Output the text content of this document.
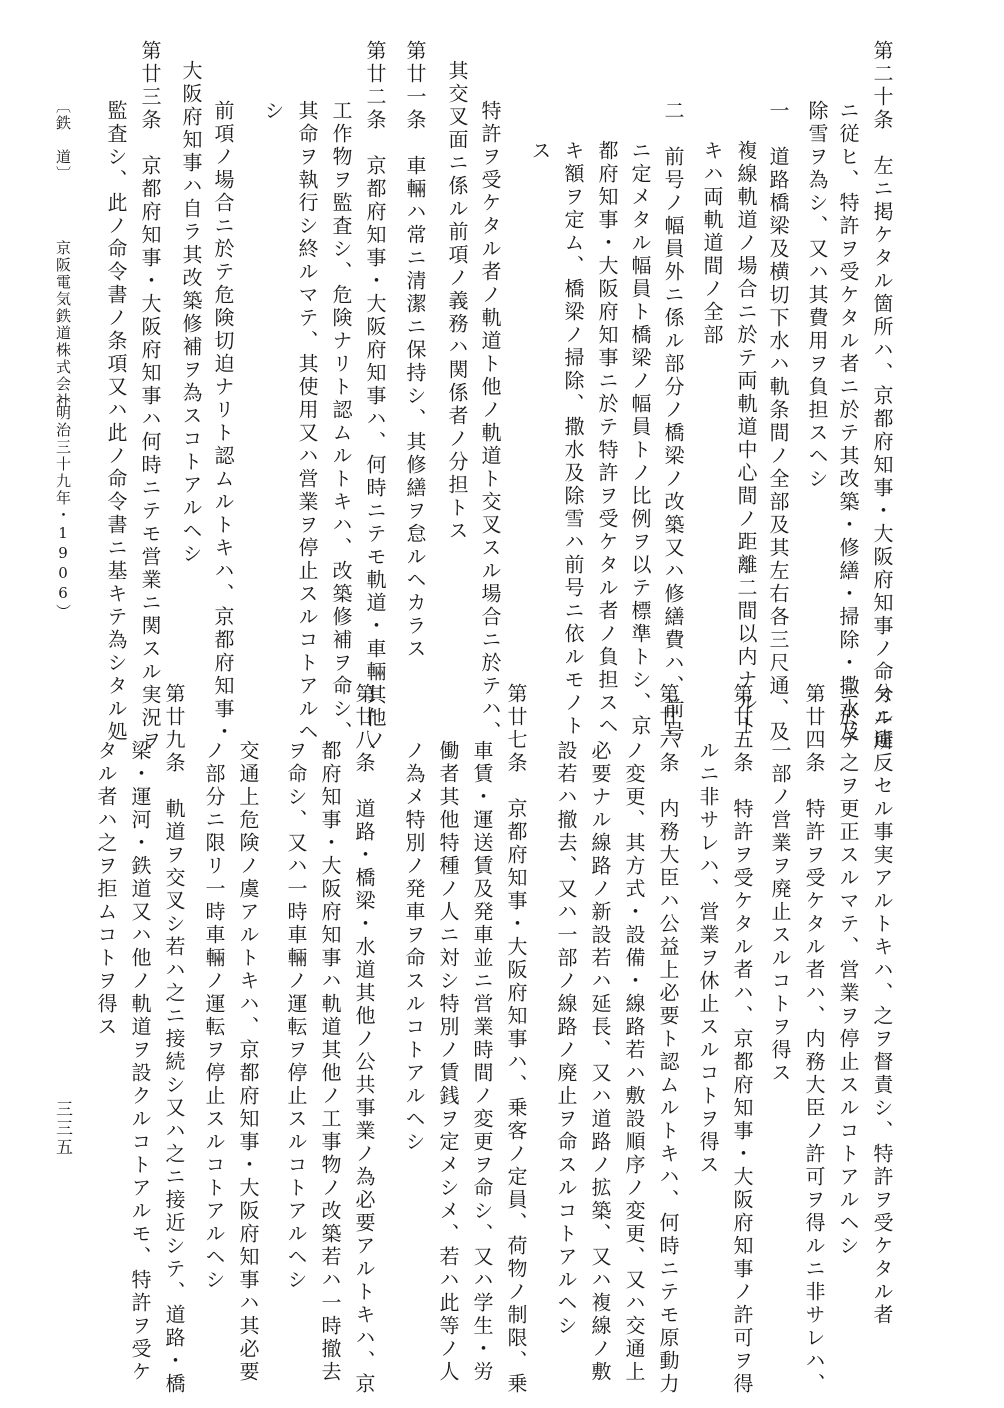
第二十条　左ニ掲ケタル箇所ハ、京都府知事・大阪府知事ノ命スル所
ニ従ヒ、特許ヲ受ケタル者ニ於テ其改築・修繕・掃除・撒水及
除雪ヲ為シ、又ハ其費用ヲ負担スヘシ
一　道路橋梁及横切下水ハ軌条間ノ全部及其左右各三尺通、及
複線軌道ノ場合ニ於テ両軌道中心間ノ距離二間以内ナルト
キハ両軌道間ノ全部
二　前号ノ幅員外ニ係ル部分ノ橋梁ノ改築又ハ修繕費ハ、前号
ニ定メタル幅員ト橋梁ノ幅員トノ比例ヲ以テ標準トシ、京
都府知事・大阪府知事ニ於テ特許ヲ受ケタル者ノ負担スヘ
キ額ヲ定ム、橋梁ノ掃除、撒水及除雪ハ前号ニ依ルモノト
ス
特許ヲ受ケタル者ノ軌道ト他ノ軌道ト交叉スル場合ニ於テハ、
其交叉面ニ係ル前項ノ義務ハ関係者ノ分担トス
第廿一条　車輛ハ常ニ清潔ニ保持シ、其修繕ヲ怠ルヘカラス
第廿二条　京都府知事・大阪府知事ハ、何時ニテモ軌道・車輛其他ノ
工作物ヲ監査シ、危険ナリト認ムルトキハ、改築修補ヲ命シ、
其命ヲ執行シ終ルマテ、其使用又ハ営業ヲ停止スルコトアルヘ
シ
前項ノ場合ニ於テ危険切迫ナリト認ムルトキハ、京都府知事・
大阪府知事ハ自ラ其改築修補ヲ為スコトアルヘシ
第廿三条　京都府知事・大阪府知事ハ何時ニテモ営業ニ関スル実況ヲ
監査シ、此ノ命令書ノ条項又ハ此ノ命令書ニ基キテ為シタル処
〔鉄　道〕
京阪電気鉄道株式会社
（明治三十九年・1906）
分ニ違反セル事実アルトキハ、之ヲ督責シ、特許ヲ受ケタル者
ニ於テ之ヲ更正スルマテ、営業ヲ停止スルコトアルヘシ
第廿四条　特許ヲ受ケタル者ハ、内務大臣ノ許可ヲ得ルニ非サレハ、
一部ノ営業ヲ廃止スルコトヲ得ス
第廿五条　特許ヲ受ケタル者ハ、京都府知事・大阪府知事ノ許可ヲ得
ルニ非サレハ、営業ヲ休止スルコトヲ得ス
第廿六条　内務大臣ハ公益上必要ト認ムルトキハ、何時ニテモ原動力
ノ変更、其方式・設備・線路若ハ敷設順序ノ変更、又ハ交通上
必要ナル線路ノ新設若ハ延長、又ハ道路ノ拡築、又ハ複線ノ敷
設若ハ撤去、又ハ一部ノ線路ノ廃止ヲ命スルコトアルヘシ
第廿七条　京都府知事・大阪府知事ハ、乗客ノ定員、荷物ノ制限、乗
車賃・運送賃及発車並ニ営業時間ノ変更ヲ命シ、又ハ学生・労
働者其他特種ノ人ニ対シ特別ノ賃銭ヲ定メシメ、若ハ此等ノ人
ノ為メ特別ノ発車ヲ命スルコトアルヘシ
第廿八条　道路・橋梁・水道其他ノ公共事業ノ為必要アルトキハ、京
都府知事・大阪府知事ハ軌道其他ノ工事物ノ改築若ハ一時撤去
ヲ命シ、又ハ一時車輛ノ運転ヲ停止スルコトアルヘシ
交通上危険ノ虞アルトキハ、京都府知事・大阪府知事ハ其必要
ノ部分ニ限リ一時車輛ノ運転ヲ停止スルコトアルヘシ
第廿九条　軌道ヲ交叉シ若ハ之ニ接続シ又ハ之ニ接近シテ、道路・橋
梁・運河・鉄道又ハ他ノ軌道ヲ設クルコトアルモ、特許ヲ受ケ
タル者ハ之ヲ拒ムコトヲ得ス
三三五
